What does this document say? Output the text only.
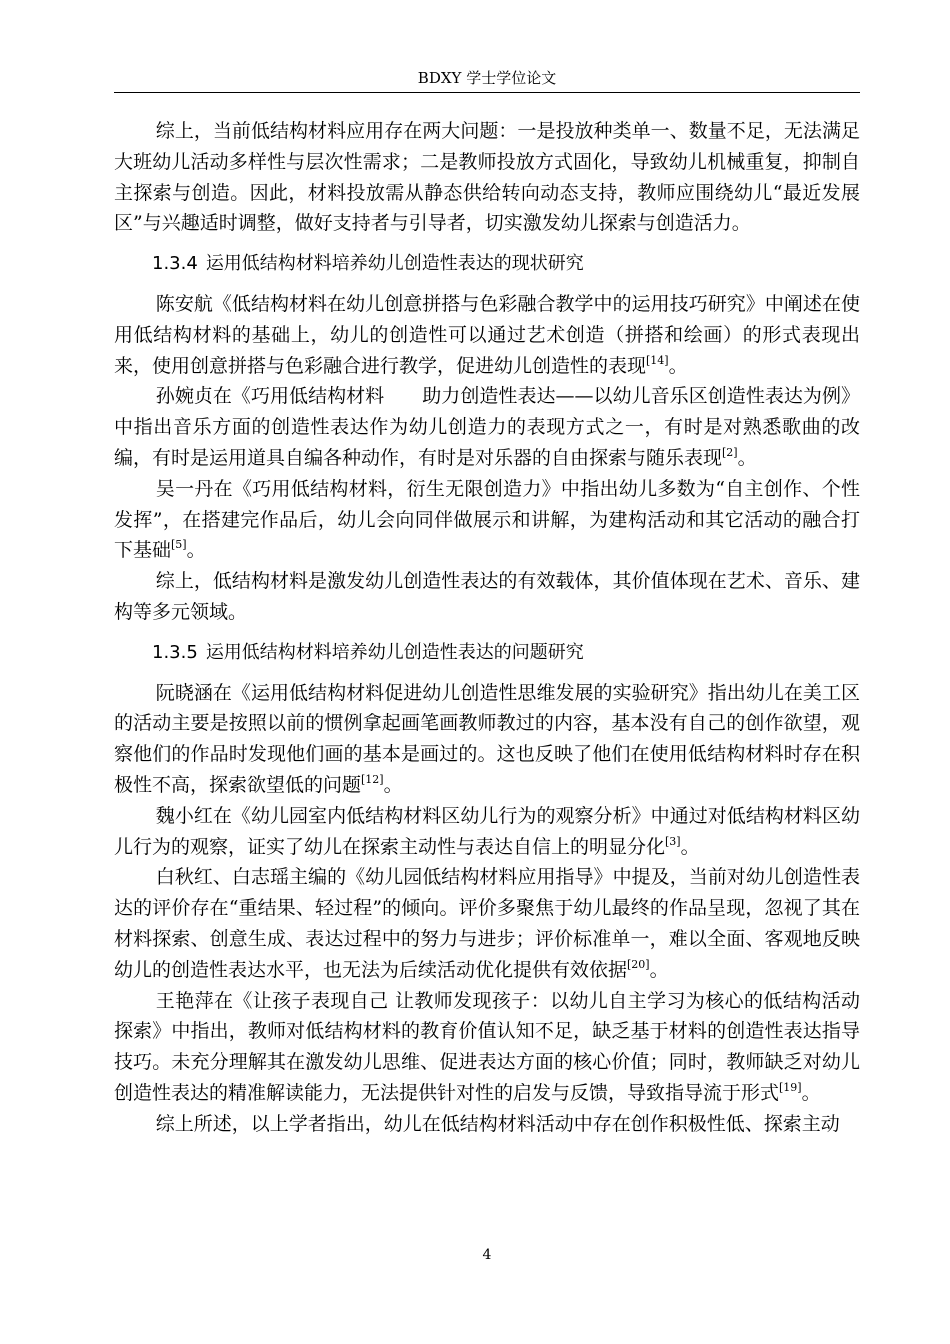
BDXY 学士学位论文

综上，当前低结构材料应用存在两大问题：一是投放种类单一、数量不足，无法满足大班幼儿活动多样性与层次性需求；二是教师投放方式固化，导致幼儿机械重复，抑制自主探索与创造。因此，材料投放需从静态供给转向动态支持，教师应围绕幼儿“最近发展区”与兴趣适时调整，做好支持者与引导者，切实激发幼儿探索与创造活力。

1.3.4 运用低结构材料培养幼儿创造性表达的现状研究

陈安航《低结构材料在幼儿创意拼搭与色彩融合教学中的运用技巧研究》中阐述在使用低结构材料的基础上，幼儿的创造性可以通过艺术创造（拼搭和绘画）的形式表现出来，使用创意拼搭与色彩融合进行教学，促进幼儿创造性的表现[14]。

孙婉贞在《巧用低结构材料　　助力创造性表达——以幼儿音乐区创造性表达为例》中指出音乐方面的创造性表达作为幼儿创造力的表现方式之一，有时是对熟悉歌曲的改编，有时是运用道具自编各种动作，有时是对乐器的自由探索与随乐表现[2]。

吴一丹在《巧用低结构材料，衍生无限创造力》中指出幼儿多数为“自主创作、个性发挥”，在搭建完作品后，幼儿会向同伴做展示和讲解，为建构活动和其它活动的融合打下基础[5]。

综上，低结构材料是激发幼儿创造性表达的有效载体，其价值体现在艺术、音乐、建构等多元领域。

1.3.5 运用低结构材料培养幼儿创造性表达的问题研究

阮晓涵在《运用低结构材料促进幼儿创造性思维发展的实验研究》指出幼儿在美工区的活动主要是按照以前的惯例拿起画笔画教师教过的内容，基本没有自己的创作欲望，观察他们的作品时发现他们画的基本是画过的。这也反映了他们在使用低结构材料时存在积极性不高，探索欲望低的问题[12]。

魏小红在《幼儿园室内低结构材料区幼儿行为的观察分析》中通过对低结构材料区幼儿行为的观察，证实了幼儿在探索主动性与表达自信上的明显分化[3]。

白秋红、白志瑶主编的《幼儿园低结构材料应用指导》中提及，当前对幼儿创造性表达的评价存在“重结果、轻过程”的倾向。评价多聚焦于幼儿最终的作品呈现，忽视了其在材料探索、创意生成、表达过程中的努力与进步；评价标准单一，难以全面、客观地反映幼儿的创造性表达水平，也无法为后续活动优化提供有效依据[20]。

王艳萍在《让孩子表现自己 让教师发现孩子：以幼儿自主学习为核心的低结构活动探索》中指出，教师对低结构材料的教育价值认知不足，缺乏基于材料的创造性表达指导技巧。未充分理解其在激发幼儿思维、促进表达方面的核心价值；同时，教师缺乏对幼儿创造性表达的精准解读能力，无法提供针对性的启发与反馈，导致指导流于形式[19]。

综上所述，以上学者指出，幼儿在低结构材料活动中存在创作积极性低、探索主动

4
